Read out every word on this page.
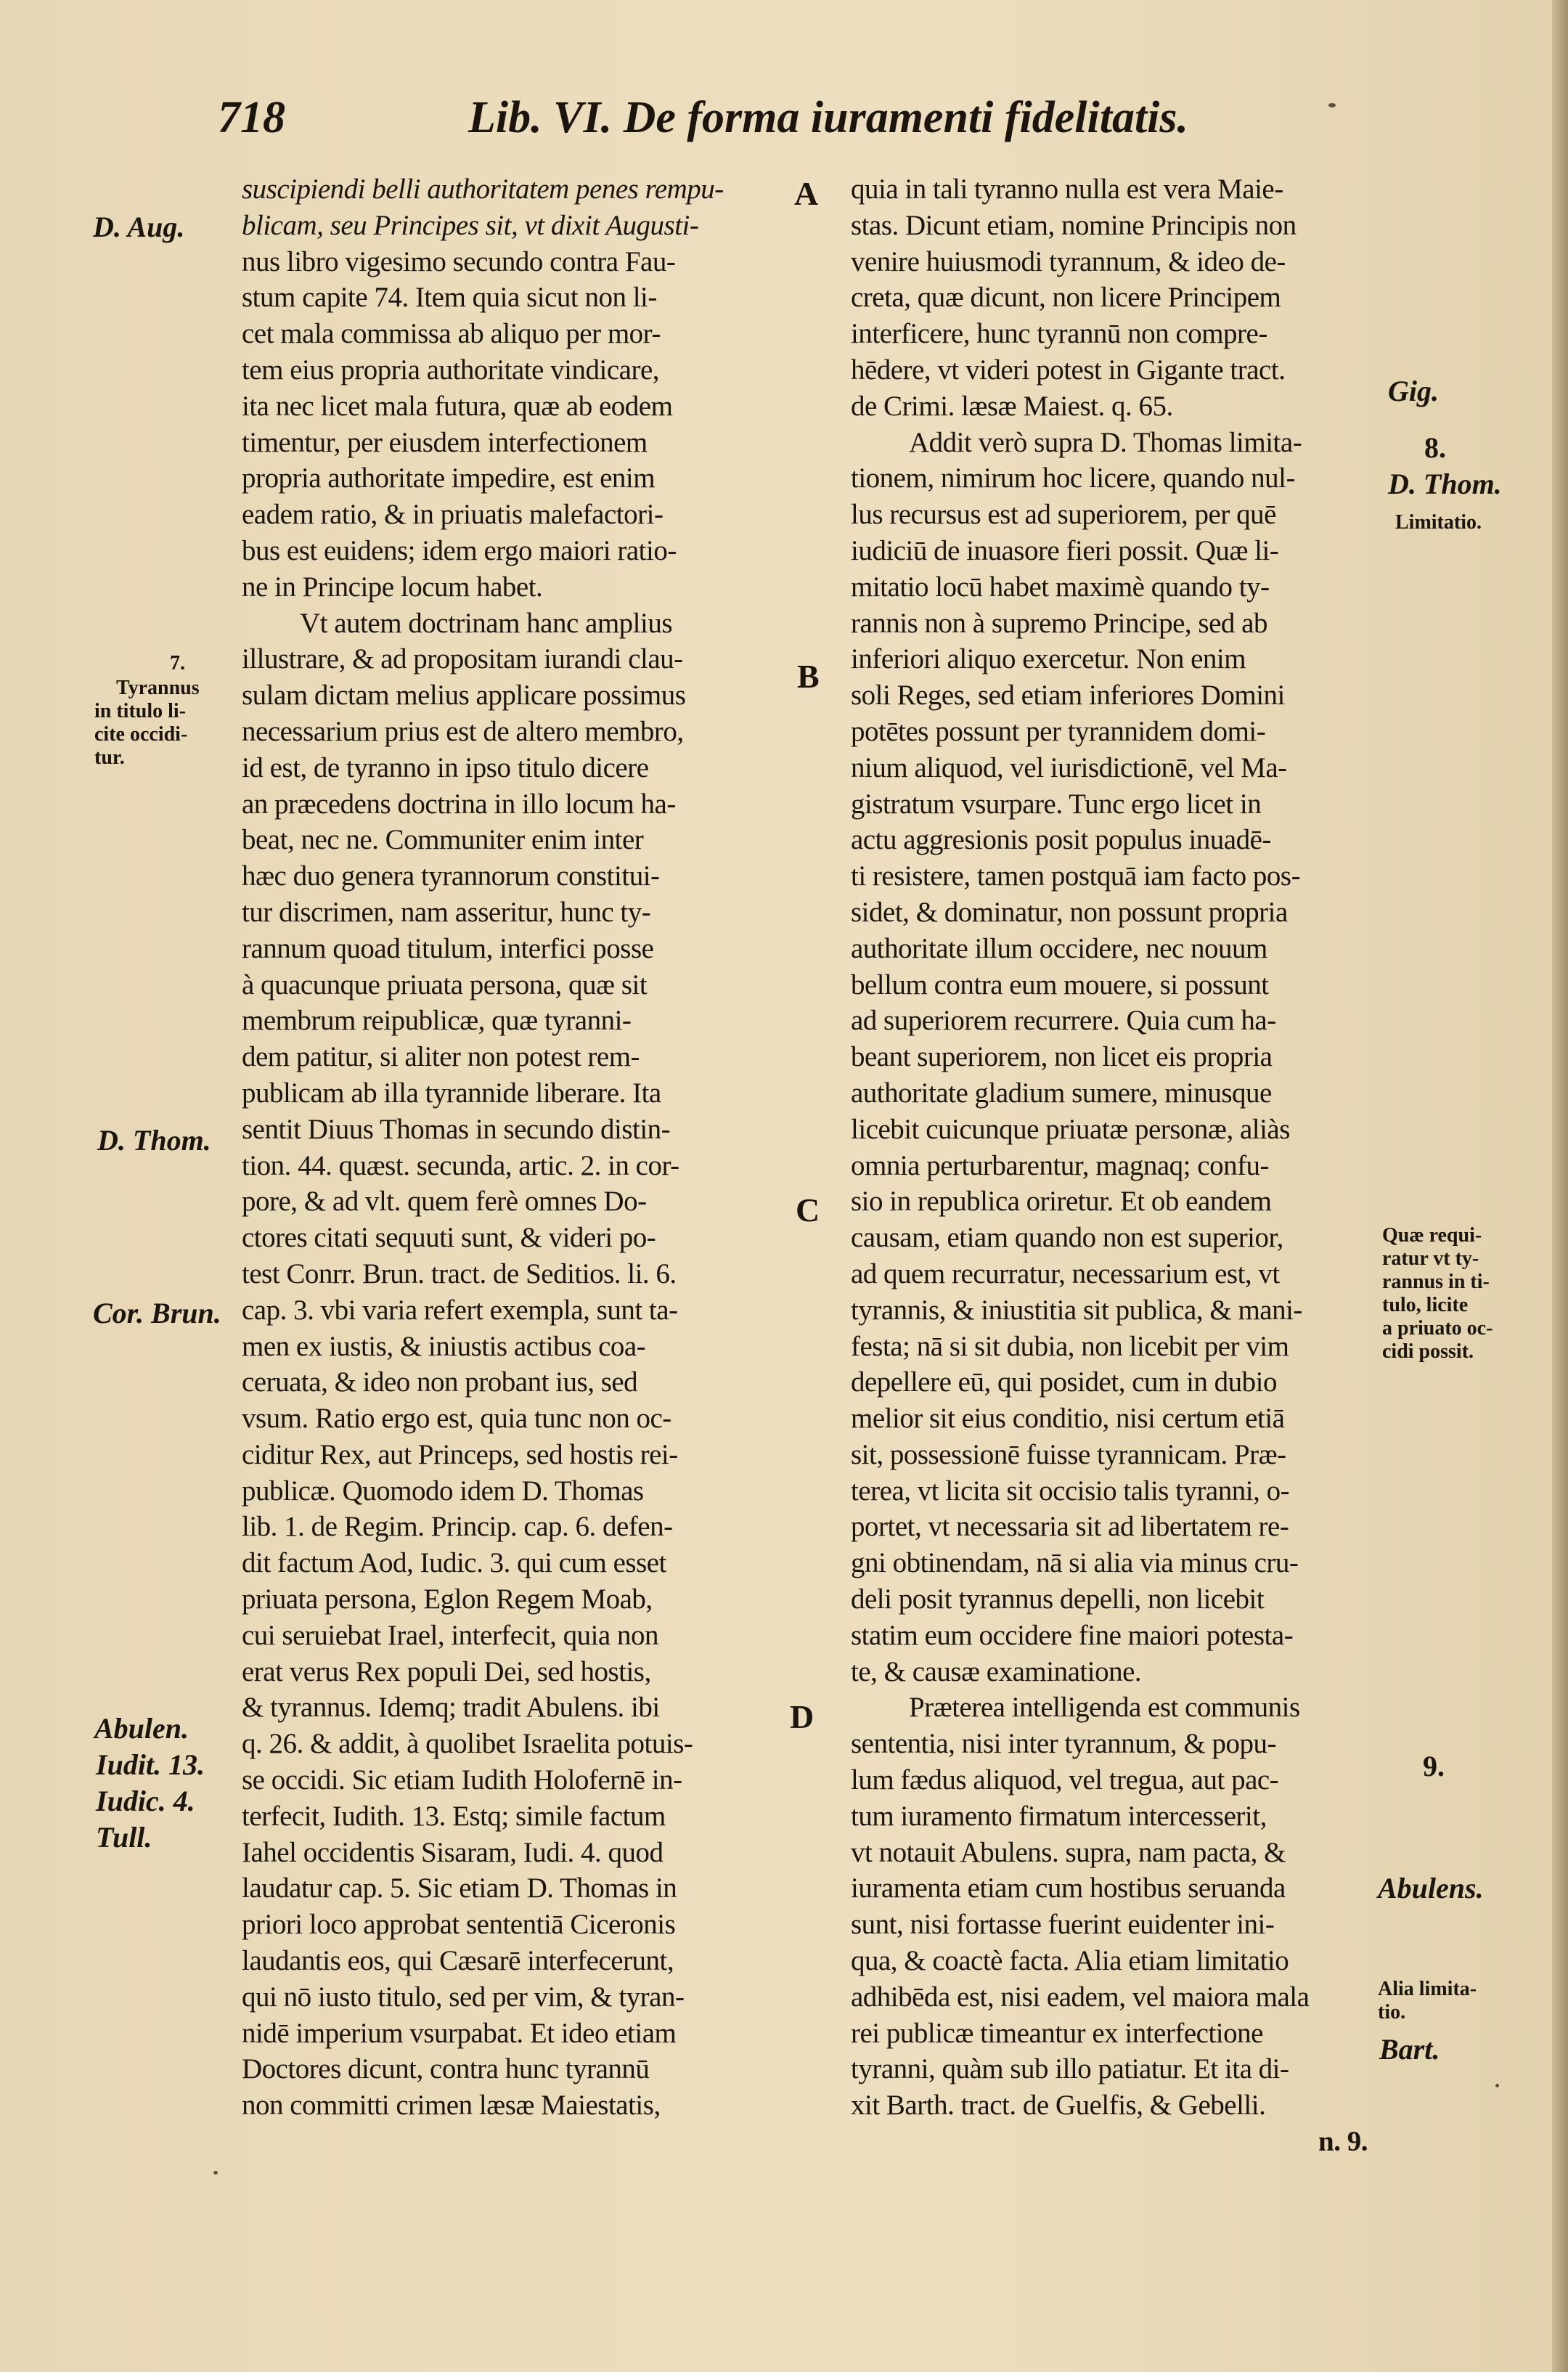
718	Lib. VI. De forma iuramenti fidelitatis.
A
B
C
D
D. Aug.
7.
Tyrannus
in titulo li-
cite occidi-
tur.
D. Thom.
Cor. Brun.
Abulen.
Iudit. 13.
Iudic. 4.
Tull.
suscipiendi belli authoritatem penes rempu-
blicam, seu Principes sit, vt dixit Augusti-
nus libro vigesimo secundo contra Fau-
stum capite 74. Item quia sicut non li-
cet mala commissa ab aliquo per mor-
tem eius propria authoritate vindicare,
ita nec licet mala futura, quæ ab eodem
timentur, per eiusdem interfectionem
propria authoritate impedire, est enim
eadem ratio, & in priuatis malefactori-
bus est euidens; idem ergo maiori ratio-
ne in Principe locum habet.
Vt autem doctrinam hanc amplius
illustrare, & ad propositam iurandi clau-
sulam dictam melius applicare possimus
necessarium prius est de altero membro,
id est, de tyranno in ipso titulo dicere
an præcedens doctrina in illo locum ha-
beat, nec ne. Communiter enim inter
hæc duo genera tyrannorum constitui-
tur discrimen, nam asseritur, hunc ty-
rannum quoad titulum, interfici posse
à quacunque priuata persona, quæ sit
membrum reipublicæ, quæ tyranni-
dem patitur, si aliter non potest rem-
publicam ab illa tyrannide liberare. Ita
sentit Diuus Thomas in secundo distin-
tion. 44. quæst. secunda, artic. 2. in cor-
pore, & ad vlt. quem ferè omnes Do-
ctores citati sequuti sunt, & videri po-
test Conrr. Brun. tract. de Seditios. li. 6.
cap. 3. vbi varia refert exempla, sunt ta-
men ex iustis, & iniustis actibus coa-
ceruata, & ideo non probant ius, sed
vsum. Ratio ergo est, quia tunc non oc-
ciditur Rex, aut Princeps, sed hostis rei-
publicæ. Quomodo idem D. Thomas
lib. 1. de Regim. Princip. cap. 6. defen-
dit factum Aod, Iudic. 3. qui cum esset
priuata persona, Eglon Regem Moab,
cui seruiebat Irael, interfecit, quia non
erat verus Rex populi Dei, sed hostis,
& tyrannus. Idemq; tradit Abulens. ibi
q. 26. & addit, à quolibet Israelita potuis-
se occidi. Sic etiam Iudith Holofernē in-
terfecit, Iudith. 13. Estq; simile factum
Iahel occidentis Sisaram, Iudi. 4. quod
laudatur cap. 5. Sic etiam D. Thomas in
priori loco approbat sententiā Ciceronis
laudantis eos, qui Cæsarē interfecerunt,
qui nō iusto titulo, sed per vim, & tyran-
nidē imperium vsurpabat. Et ideo etiam
Doctores dicunt, contra hunc tyrannū
non committi crimen læsæ Maiestatis,
quia in tali tyranno nulla est vera Maie-
stas. Dicunt etiam, nomine Principis non
venire huiusmodi tyrannum, & ideo de-
creta, quæ dicunt, non licere Principem
interficere, hunc tyrannū non compre-
hēdere, vt videri potest in Gigante tract.
de Crimi. læsæ Maiest. q. 65.
Addit verò supra D. Thomas limita-
tionem, nimirum hoc licere, quando nul-
lus recursus est ad superiorem, per quē
iudiciū de inuasore fieri possit. Quæ li-
mitatio locū habet maximè quando ty-
rannis non à supremo Principe, sed ab
inferiori aliquo exercetur. Non enim
soli Reges, sed etiam inferiores Domini
potētes possunt per tyrannidem domi-
nium aliquod, vel iurisdictionē, vel Ma-
gistratum vsurpare. Tunc ergo licet in
actu aggresionis posit populus inuadē-
ti resistere, tamen postquā iam facto pos-
sidet, & dominatur, non possunt propria
authoritate illum occidere, nec nouum
bellum contra eum mouere, si possunt
ad superiorem recurrere. Quia cum ha-
beant superiorem, non licet eis propria
authoritate gladium sumere, minusque
licebit cuicunque priuatæ personæ, aliàs
omnia perturbarentur, magnaq; confu-
sio in republica oriretur. Et ob eandem
causam, etiam quando non est superior,
ad quem recurratur, necessarium est, vt
tyrannis, & iniustitia sit publica, & mani-
festa; nā si sit dubia, non licebit per vim
depellere eū, qui posidet, cum in dubio
melior sit eius conditio, nisi certum etiā
sit, possessionē fuisse tyrannicam. Præ-
terea, vt licita sit occisio talis tyranni, o-
portet, vt necessaria sit ad libertatem re-
gni obtinendam, nā si alia via minus cru-
deli posit tyrannus depelli, non licebit
statim eum occidere fine maiori potesta-
te, & causæ examinatione.
Præterea intelligenda est communis
sententia, nisi inter tyrannum, & popu-
lum fædus aliquod, vel tregua, aut pac-
tum iuramento firmatum intercesserit,
vt notauit Abulens. supra, nam pacta, &
iuramenta etiam cum hostibus seruanda
sunt, nisi fortasse fuerint euidenter ini-
qua, & coactè facta. Alia etiam limitatio
adhibēda est, nisi eadem, vel maiora mala
rei publicæ timeantur ex interfectione
tyranni, quàm sub illo patiatur. Et ita di-
xit Barth. tract. de Guelfis, & Gebelli.
n. 9.
Gig.
8.
D. Thom.
Limitatio.
Quæ requi-
ratur vt ty-
rannus in ti-
tulo, licite
a priuato oc-
cidi possit.
9.
Abulens.
Alia limita-
tio.
Bart.
